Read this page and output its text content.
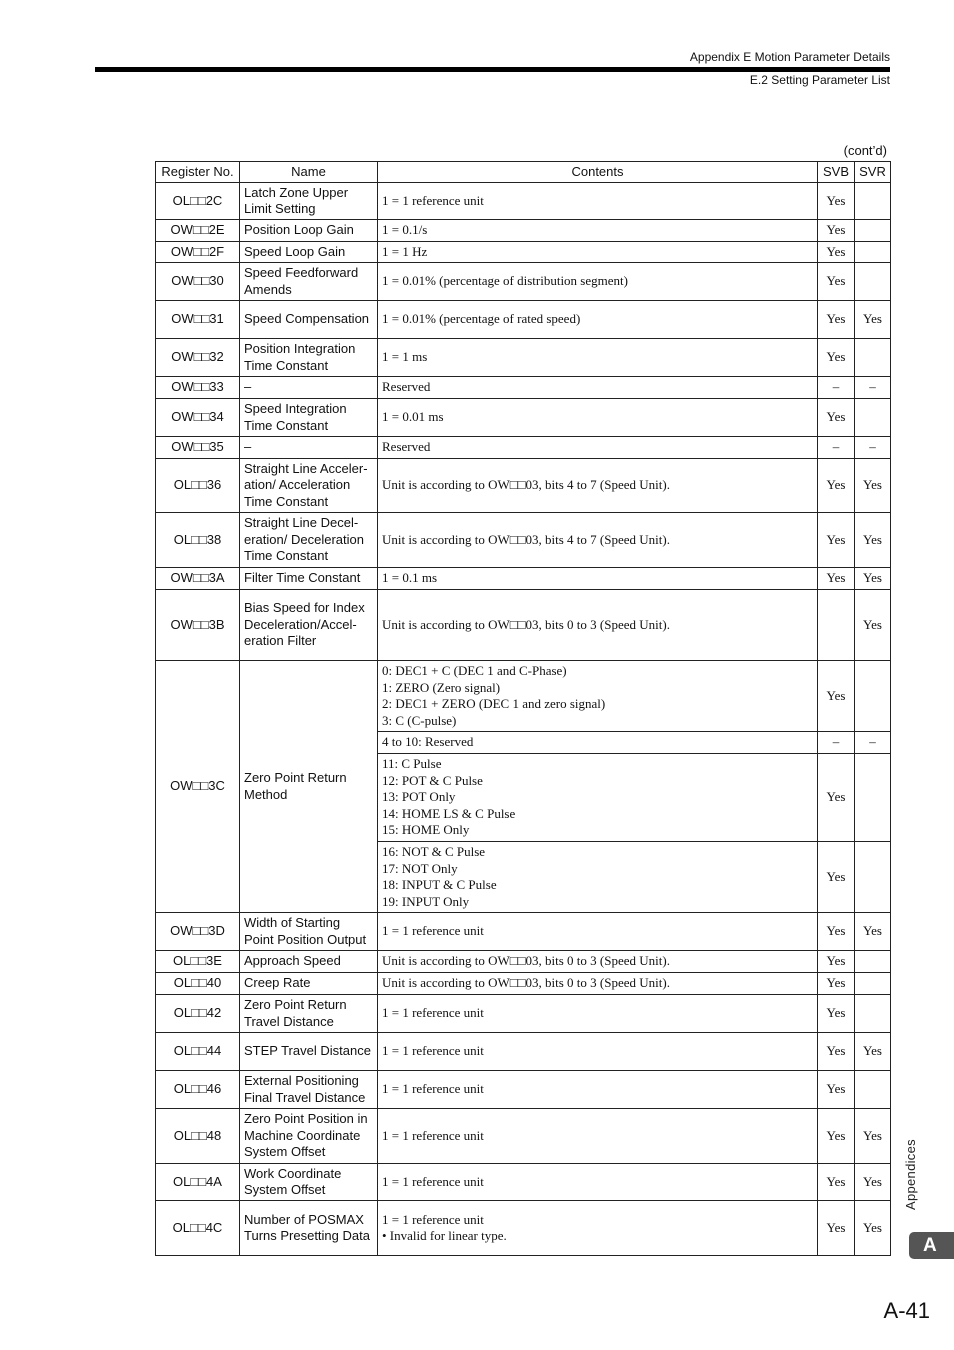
Appendix E Motion Parameter Details
E.2 Setting Parameter List
(cont’d)
Register No.	Name	Contents	SVB	SVR
OL□□2C	Latch Zone Upper Limit Setting	1 = 1 reference unit	Yes	
OW□□2E	Position Loop Gain	1 = 0.1/s	Yes	
OW□□2F	Speed Loop Gain	1 = 1 Hz	Yes	
OW□□30	Speed Feedforward Amends	1 = 0.01% (percentage of distribution segment)	Yes	
OW□□31	Speed Compensation	1 = 0.01% (percentage of rated speed)	Yes	Yes
OW□□32	Position Integration Time Constant	1 = 1 ms	Yes	
OW□□33	–	Reserved	–	–
OW□□34	Speed Integration Time Constant	1 = 0.01 ms	Yes	
OW□□35	–	Reserved	–	–
OL□□36	Straight Line Acceler-ation/ Acceleration Time Constant	Unit is according to OW□□03, bits 4 to 7 (Speed Unit).	Yes	Yes
OL□□38	Straight Line Decel-eration/ Deceleration Time Constant	Unit is according to OW□□03, bits 4 to 7 (Speed Unit).	Yes	Yes
OW□□3A	Filter Time Constant	1 = 0.1 ms	Yes	Yes
OW□□3B	Bias Speed for Index Deceleration/Accel-eration Filter	Unit is according to OW□□03, bits 0 to 3 (Speed Unit).		Yes
OW□□3C	Zero Point Return Method	0: DEC1 + C (DEC 1 and C-Phase)
1: ZERO (Zero signal)
2: DEC1 + ZERO (DEC 1 and zero signal)
3: C (C-pulse)	Yes	

		4 to 10: Reserved	–	–

		11: C Pulse
12: POT & C Pulse
13: POT Only
14: HOME LS & C Pulse
15: HOME Only	Yes	

		16: NOT & C Pulse
17: NOT Only
18: INPUT & C Pulse
19: INPUT Only	Yes	
OW□□3D	Width of Starting Point Position Output	1 = 1 reference unit	Yes	Yes
OL□□3E	Approach Speed	Unit is according to OW□□03, bits 0 to 3 (Speed Unit).	Yes	
OL□□40	Creep Rate	Unit is according to OW□□03, bits 0 to 3 (Speed Unit).	Yes	
OL□□42	Zero Point Return Travel Distance	1 = 1 reference unit	Yes	
OL□□44	STEP Travel Distance	1 = 1 reference unit	Yes	Yes
OL□□46	External Positioning Final Travel Distance	1 = 1 reference unit	Yes	
OL□□48	Zero Point Position in Machine Coordinate System Offset	1 = 1 reference unit	Yes	Yes
OL□□4A	Work Coordinate System Offset	1 = 1 reference unit	Yes	Yes
OL□□4C	Number of POSMAX Turns Presetting Data	1 = 1 reference unit
• Invalid for linear type.	Yes	Yes
Appendices
A
A-41
